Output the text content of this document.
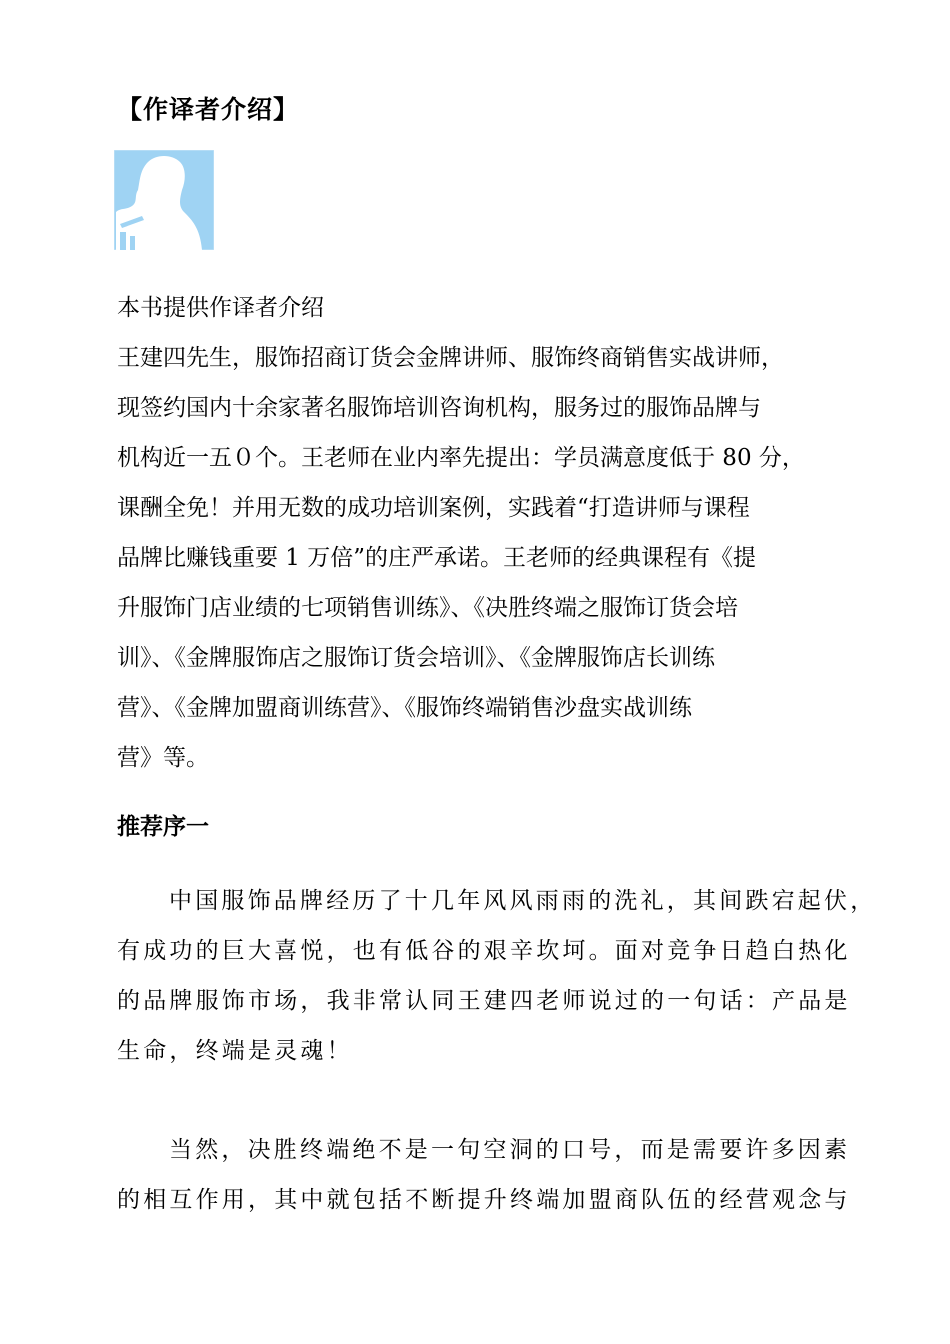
【作译者介绍】
本书提供作译者介绍
王建四先生，服饰招商订货会金牌讲师、服饰终商销售实战讲师，
现签约国内十余家著名服饰培训咨询机构，服务过的服饰品牌与
机构近一五０个。王老师在业内率先提出：学员满意度低于 80 分，
课酬全免！并用无数的成功培训案例，实践着“打造讲师与课程
品牌比赚钱重要 1 万倍”的庄严承诺。王老师的经典课程有《提
升服饰门店业绩的七项销售训练》、《决胜终端之服饰订货会培
训》、《金牌服饰店之服饰订货会培训》、《金牌服饰店长训练
营》、《金牌加盟商训练营》、《服饰终端销售沙盘实战训练
营》等。
推荐序一
中国服饰品牌经历了十几年风风雨雨的洗礼，其间跌宕起伏，
有成功的巨大喜悦，也有低谷的艰辛坎坷。面对竞争日趋白热化
的品牌服饰市场，我非常认同王建四老师说过的一句话：产品是
生命，终端是灵魂！
当然，决胜终端绝不是一句空洞的口号，而是需要许多因素
的相互作用，其中就包括不断提升终端加盟商队伍的经营观念与
